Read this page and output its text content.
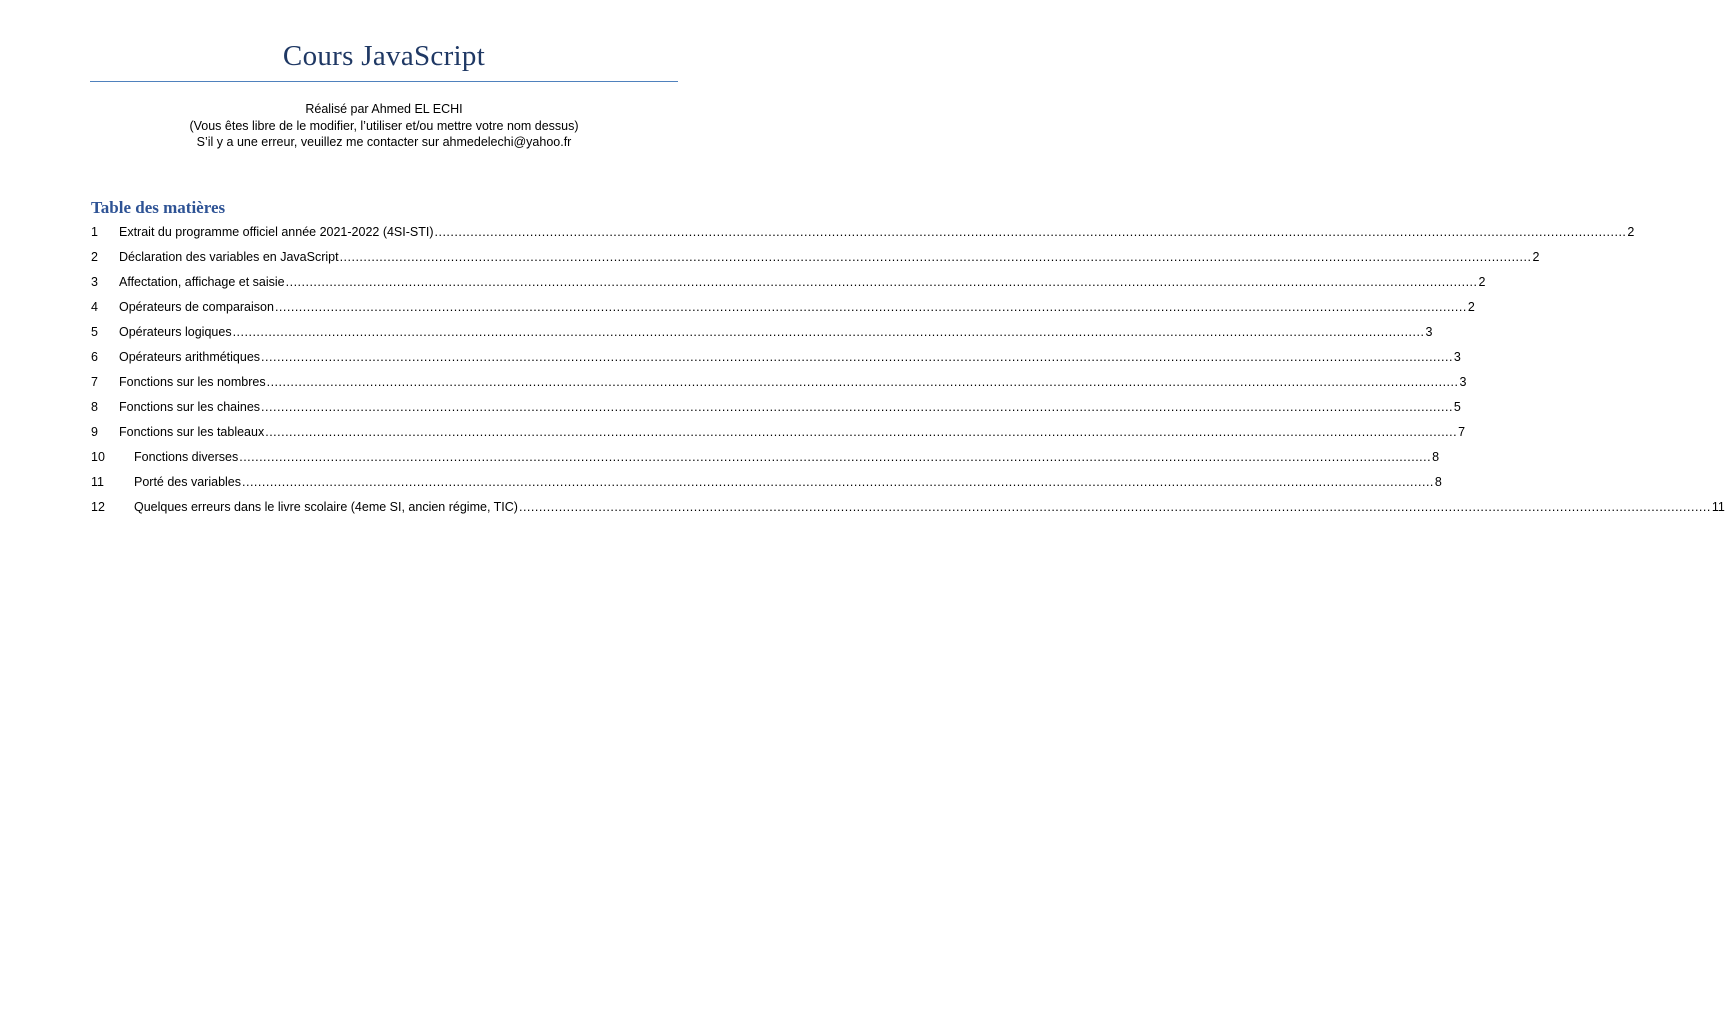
Cours JavaScript
Réalisé par Ahmed EL ECHI
(Vous êtes libre de le modifier, l’utiliser et/ou mettre votre nom dessus)
S’il y a une erreur, veuillez me contacter sur ahmedelechi@yahoo.fr
Table des matières
1	Extrait du programme officiel année 2021-2022 (4SI-STI) ............................................................................................................................................................................................................................................................................................................ 2
2	Déclaration des variables en JavaScript ............................................................................................................................................................................................................................................................................................................ 2
3	Affectation, affichage et saisie ............................................................................................................................................................................................................................................................................................................ 2
4	Opérateurs de comparaison ............................................................................................................................................................................................................................................................................................................ 2
5	Opérateurs logiques ............................................................................................................................................................................................................................................................................................................ 3
6	Opérateurs arithmétiques ............................................................................................................................................................................................................................................................................................................ 3
7	Fonctions sur les nombres ............................................................................................................................................................................................................................................................................................................ 3
8	Fonctions sur les chaines ............................................................................................................................................................................................................................................................................................................ 5
9	Fonctions sur les tableaux ............................................................................................................................................................................................................................................................................................................ 7
10	Fonctions diverses ............................................................................................................................................................................................................................................................................................................ 8
11	Porté des variables ............................................................................................................................................................................................................................................................................................................ 8
12	Quelques erreurs dans le livre scolaire (4eme SI, ancien régime, TIC) ............................................................................................................................................................................................................................................................................................................ 11
